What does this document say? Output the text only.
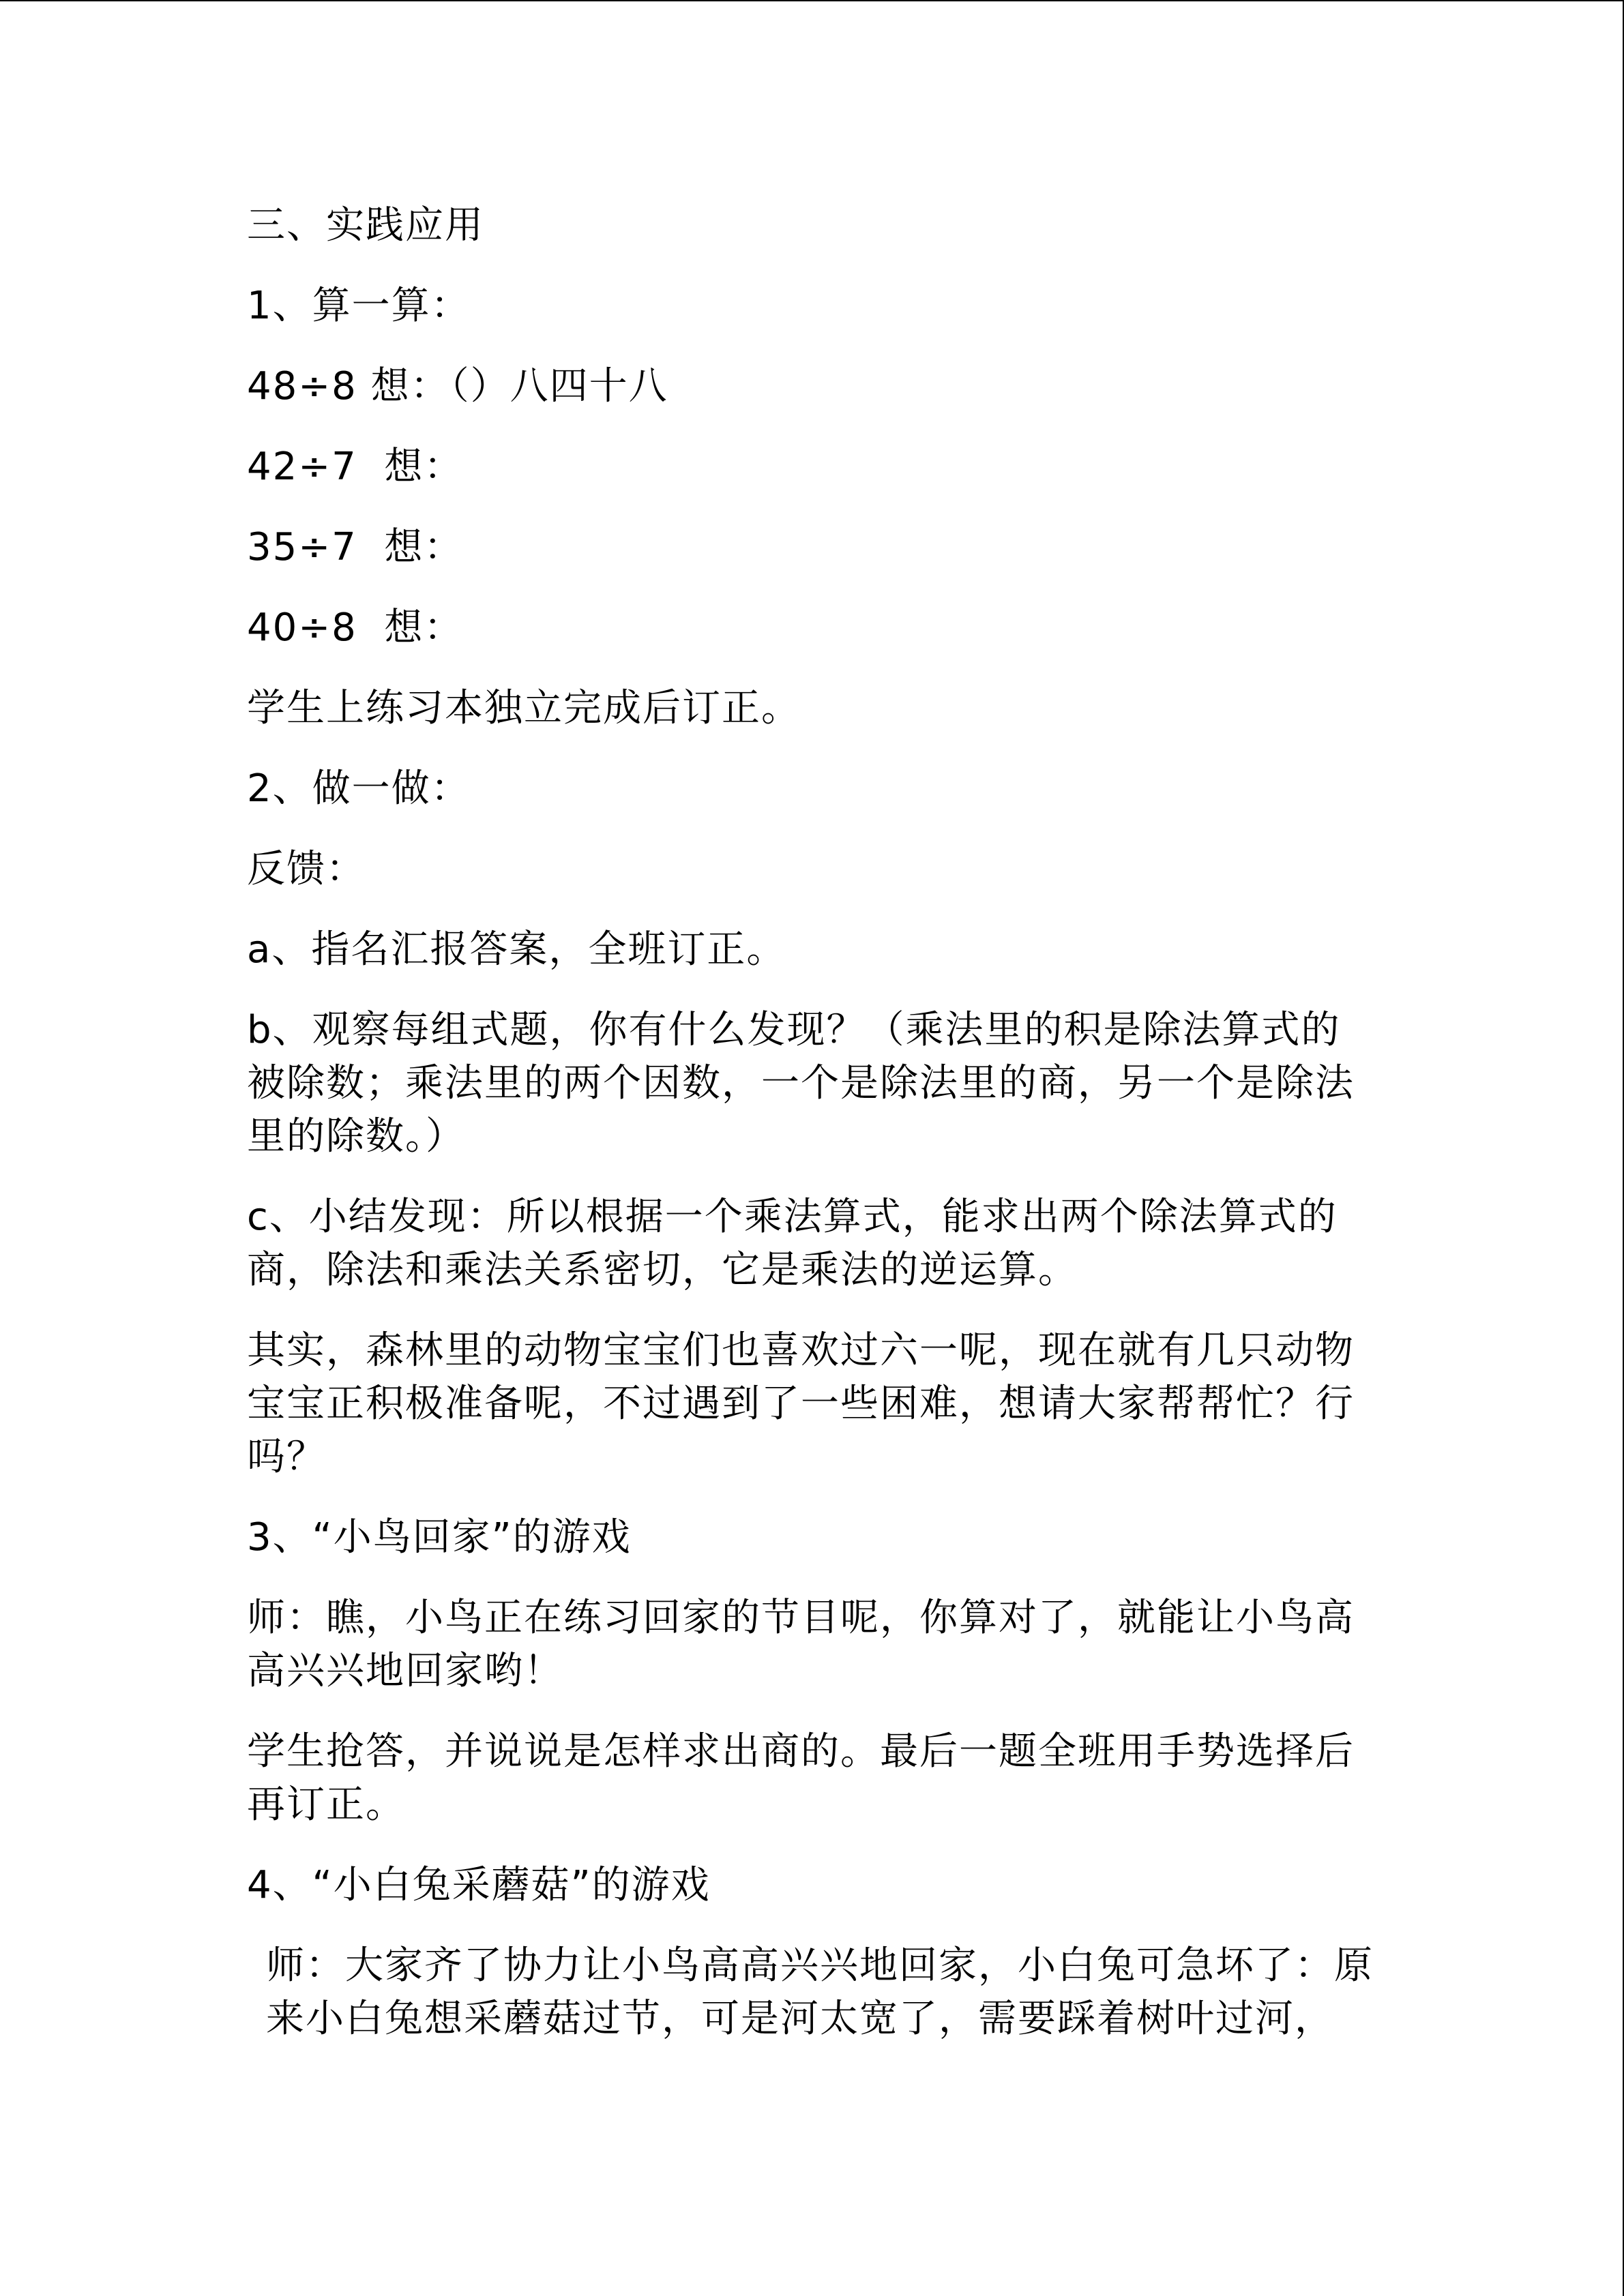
三、实践应用

1、算一算：

48÷8 想：（）八四十八

42÷7  想：

35÷7  想：

40÷8  想：

学生上练习本独立完成后订正。

2、做一做：

反馈：

a、指名汇报答案，全班订正。

b、观察每组式题，你有什么发现？（乘法里的积是除法算式的被除数；乘法里的两个因数，一个是除法里的商，另一个是除法里的除数。）

c、小结发现：所以根据一个乘法算式，能求出两个除法算式的商，除法和乘法关系密切，它是乘法的逆运算。

其实，森林里的动物宝宝们也喜欢过六一呢，现在就有几只动物宝宝正积极准备呢，不过遇到了一些困难，想请大家帮帮忙？行吗？

3、“小鸟回家”的游戏

师：瞧，小鸟正在练习回家的节目呢，你算对了，就能让小鸟高高兴兴地回家哟！

学生抢答，并说说是怎样求出商的。最后一题全班用手势选择后再订正。

4、“小白兔采蘑菇”的游戏

师：大家齐了协力让小鸟高高兴兴地回家，小白兔可急坏了：原来小白兔想采蘑菇过节，可是河太宽了，需要踩着树叶过河，
